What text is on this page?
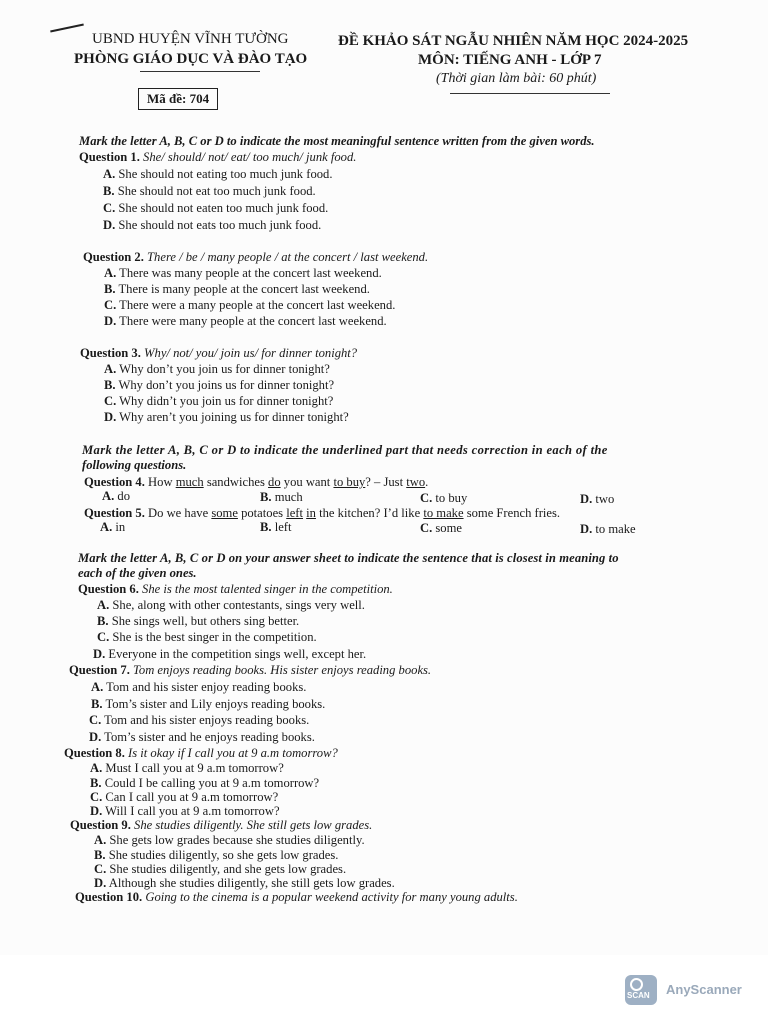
UBND HUYỆN VĨNH TƯỜNG
PHÒNG GIÁO DỤC VÀ ĐÀO TẠO
Mã đề: 704
ĐỀ KHẢO SÁT NGẪU NHIÊN NĂM HỌC 2024-2025
MÔN: TIẾNG ANH - LỚP 7
(Thời gian làm bài: 60 phút)
Mark the letter A, B, C or D to indicate the most meaningful sentence written from the given words.
Question 1. She/ should/ not/ eat/ too much/ junk food.
A. She should not eating too much junk food.
B. She should not eat too much junk food.
C. She should not eaten too much junk food.
D. She should not eats too much junk food.
Question 2. There / be / many people / at the concert / last weekend.
A. There was many people at the concert last weekend.
B. There is many people at the concert last weekend.
C. There were a many people at the concert last weekend.
D. There were many people at the concert last weekend.
Question 3. Why/ not/ you/ join us/ for dinner tonight?
A. Why don’t you join us for dinner tonight?
B. Why don’t you joins us for dinner tonight?
C. Why didn’t you join us for dinner tonight?
D. Why aren’t you joining us for dinner tonight?
Mark the letter A, B, C or D to indicate the underlined part that needs correction in each of the
following questions.
Question 4. How much sandwiches do you want to buy? – Just two.
A. do	B. much	C. to buy	D. two
Question 5. Do we have some potatoes left in the kitchen? I’d like to make some French fries.
A. in	B. left	C. some	D. to make
Mark the letter A, B, C or D on your answer sheet to indicate the sentence that is closest in meaning to
each of the given ones.
Question 6. She is the most talented singer in the competition.
A. She, along with other contestants, sings very well.
B. She sings well, but others sing better.
C. She is the best singer in the competition.
D. Everyone in the competition sings well, except her.
Question 7. Tom enjoys reading books. His sister enjoys reading books.
A. Tom and his sister enjoy reading books.
B. Tom’s sister and Lily enjoys reading books.
C. Tom and his sister enjoys reading books.
D. Tom’s sister and he enjoys reading books.
Question 8. Is it okay if I call you at 9 a.m tomorrow?
A. Must I call you at 9 a.m tomorrow?
B. Could I be calling you at 9 a.m tomorrow?
C. Can I call you at 9 a.m tomorrow?
D. Will I call you at 9 a.m tomorrow?
Question 9. She studies diligently. She still gets low grades.
A. She gets low grades because she studies diligently.
B. She studies diligently, so she gets low grades.
C. She studies diligently, and she gets low grades.
D. Although she studies diligently, she still gets low grades.
Question 10. Going to the cinema is a popular weekend activity for many young adults.
SCAN AnyScanner
